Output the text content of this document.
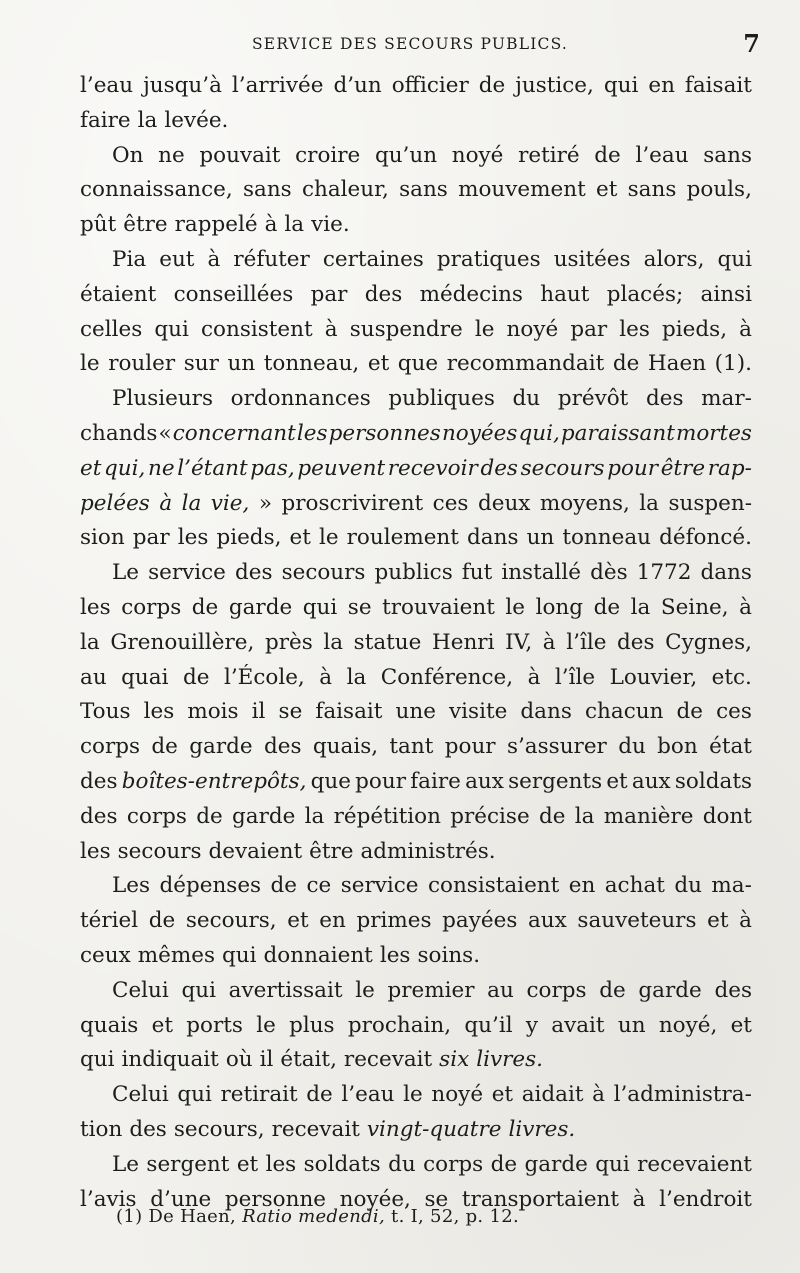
SERVICE DES SECOURS PUBLICS.	7
l’eau jusqu’à l’arrivée d’un officier de justice, qui en faisait
faire la levée.
On ne pouvait croire qu’un noyé retiré de l’eau sans
connaissance, sans chaleur, sans mouvement et sans pouls,
pût être rappelé à la vie.
Pia eut à réfuter certaines pratiques usitées alors, qui
étaient conseillées par des médecins haut placés; ainsi
celles qui consistent à suspendre le noyé par les pieds, à
le rouler sur un tonneau, et que recommandait de Haen (1).
Plusieurs ordonnances publiques du prévôt des mar-
chands « concernant les personnes noyées qui, paraissant mortes
et qui, ne l’étant pas, peuvent recevoir des secours pour être rap-
pelées à la vie, » proscrivirent ces deux moyens, la suspen-
sion par les pieds, et le roulement dans un tonneau défoncé.
Le service des secours publics fut installé dès 1772 dans
les corps de garde qui se trouvaient le long de la Seine, à
la Grenouillère, près la statue Henri IV, à l’île des Cygnes,
au quai de l’École, à la Conférence, à l’île Louvier, etc.
Tous les mois il se faisait une visite dans chacun de ces
corps de garde des quais, tant pour s’assurer du bon état
des boîtes-entrepôts, que pour faire aux sergents et aux soldats
des corps de garde la répétition précise de la manière dont
les secours devaient être administrés.
Les dépenses de ce service consistaient en achat du ma-
tériel de secours, et en primes payées aux sauveteurs et à
ceux mêmes qui donnaient les soins.
Celui qui avertissait le premier au corps de garde des
quais et ports le plus prochain, qu’il y avait un noyé, et
qui indiquait où il était, recevait six livres.
Celui qui retirait de l’eau le noyé et aidait à l’administra-
tion des secours, recevait vingt-quatre livres.
Le sergent et les soldats du corps de garde qui recevaient
l’avis d’une personne noyée, se transportaient à l’endroit
(1) De Haen, Ratio medendi, t. I, 52, p. 12.
